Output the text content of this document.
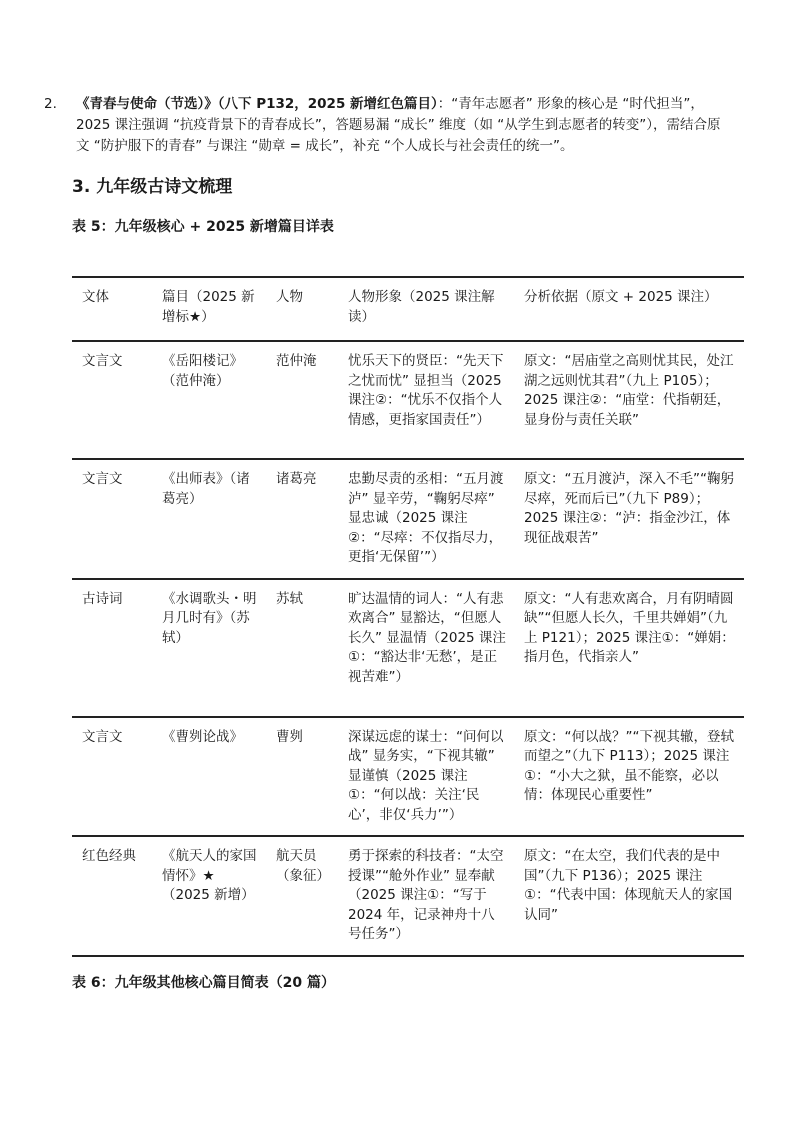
2.	《青春与使命（节选）》（八下 P132，2025 新增红色篇目）：“青年志愿者” 形象的核心是 “时代担当”，2025 课注强调 “抗疫背景下的青春成长”，答题易漏 “成长” 维度（如 “从学生到志愿者的转变”），需结合原文 “防护服下的青春” 与课注 “勋章 = 成长”，补充 “个人成长与社会责任的统一”。
3. 九年级古诗文梳理

表 5：九年级核心 + 2025 新增篇目详表

文体	篇目（2025 新增标★）	人物	人物形象（2025 课注解读）	分析依据（原文 + 2025 课注）
文言文	《岳阳楼记》（范仲淹）	范仲淹	忧乐天下的贤臣：“先天下之忧而忧” 显担当（2025 课注②：“忧乐不仅指个人情感，更指家国责任”）	原文：“居庙堂之高则忧其民，处江湖之远则忧其君”（九上 P105）；2025 课注②：“庙堂：代指朝廷，显身份与责任关联”
文言文	《出师表》（诸葛亮）	诸葛亮	忠勤尽责的丞相：“五月渡泸” 显辛劳，“鞠躬尽瘁” 显忠诚（2025 课注②：“尽瘁：不仅指尽力，更指‘无保留’”）	原文：“五月渡泸，深入不毛”“鞠躬尽瘁，死而后已”（九下 P89）；2025 课注②：“泸：指金沙江，体现征战艰苦”
古诗词	《水调歌头・明月几时有》（苏轼）	苏轼	旷达温情的词人：“人有悲欢离合” 显豁达，“但愿人长久” 显温情（2025 课注①：“豁达非‘无愁’，是正视苦难”）	原文：“人有悲欢离合，月有阴晴圆缺”“但愿人长久，千里共婵娟”（九上 P121）；2025 课注①：“婵娟：指月色，代指亲人”
文言文	《曹刿论战》	曹刿	深谋远虑的谋士：“问何以战” 显务实，“下视其辙” 显谨慎（2025 课注①：“何以战：关注‘民心’，非仅‘兵力’”）	原文：“何以战？”“下视其辙，登轼而望之”（九下 P113）；2025 课注①：“小大之狱，虽不能察，必以情：体现民心重要性”
红色经典	《航天人的家国情怀》★（2025 新增）	航天员（象征）	勇于探索的科技者：“太空授课”“舱外作业” 显奉献（2025 课注①：“写于 2024 年，记录神舟十八号任务”）	原文：“在太空，我们代表的是中国”（九下 P136）；2025 课注①：“代表中国：体现航天人的家国认同”

表 6：九年级其他核心篇目简表（20 篇）
